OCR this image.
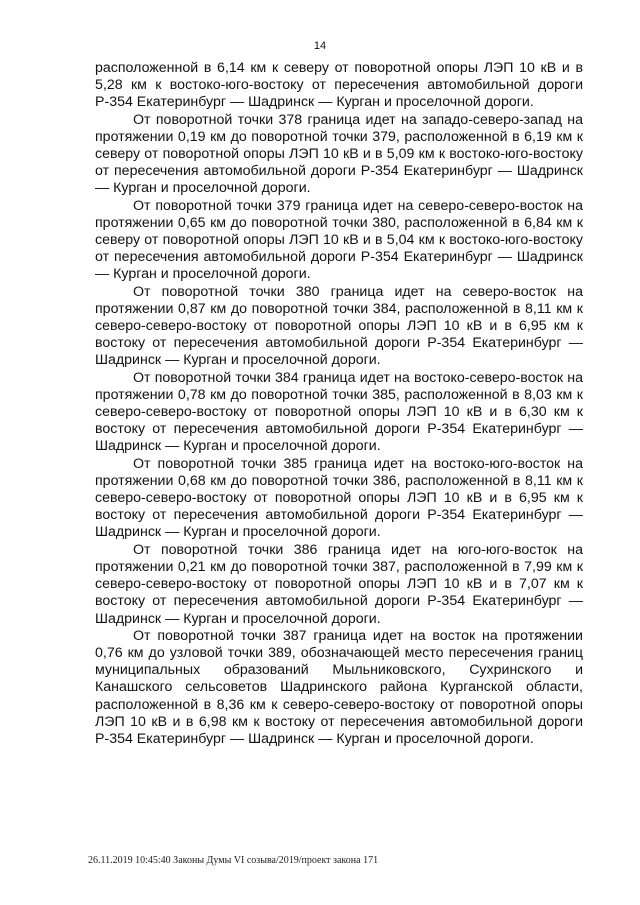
14

расположенной в 6,14 км к северу от поворотной опоры ЛЭП 10 кВ и в 5,28 км к востоко-юго-востоку от пересечения автомобильной дороги Р-354 Екатеринбург — Шадринск — Курган и проселочной дороги.

От поворотной точки 378 граница идет на западо-северо-запад на протяжении 0,19 км до поворотной точки 379, расположенной в 6,19 км к северу от поворотной опоры ЛЭП 10 кВ и в 5,09 км к востоко-юго-востоку от пересечения автомобильной дороги Р-354 Екатеринбург — Шадринск — Курган и проселочной дороги.

От поворотной точки 379 граница идет на северо-северо-восток на протяжении 0,65 км до поворотной точки 380, расположенной в 6,84 км к северу от поворотной опоры ЛЭП 10 кВ и в 5,04 км к востоко-юго-востоку от пересечения автомобильной дороги Р-354 Екатеринбург — Шадринск — Курган и проселочной дороги.

От поворотной точки 380 граница идет на северо-восток на протяжении 0,87 км до поворотной точки 384, расположенной в 8,11 км к северо-северо-востоку от поворотной опоры ЛЭП 10 кВ и в 6,95 км к востоку от пересечения автомобильной дороги Р-354 Екатеринбург — Шадринск — Курган и проселочной дороги.

От поворотной точки 384 граница идет на востоко-северо-восток на протяжении 0,78 км до поворотной точки 385, расположенной в 8,03 км к северо-северо-востоку от поворотной опоры ЛЭП 10 кВ и в 6,30 км к востоку от пересечения автомобильной дороги Р-354 Екатеринбург — Шадринск — Курган и проселочной дороги.

От поворотной точки 385 граница идет на востоко-юго-восток на протяжении 0,68 км до поворотной точки 386, расположенной в 8,11 км к северо-северо-востоку от поворотной опоры ЛЭП 10 кВ и в 6,95 км к востоку от пересечения автомобильной дороги Р-354 Екатеринбург — Шадринск — Курган и проселочной дороги.

От поворотной точки 386 граница идет на юго-юго-восток на протяжении 0,21 км до поворотной точки 387, расположенной в 7,99 км к северо-северо-востоку от поворотной опоры ЛЭП 10 кВ и в 7,07 км к востоку от пересечения автомобильной дороги Р-354 Екатеринбург — Шадринск — Курган и проселочной дороги.

От поворотной точки 387 граница идет на восток на протяжении 0,76 км до узловой точки 389, обозначающей место пересечения границ муниципальных образований Мыльниковского, Сухринского и Канашского сельсоветов Шадринского района Курганской области, расположенной в 8,36 км к северо-северо-востоку от поворотной опоры ЛЭП 10 кВ и в 6,98 км к востоку от пересечения автомобильной дороги Р-354 Екатеринбург — Шадринск — Курган и проселочной дороги.

26.11.2019 10:45:40 Законы Думы VI созыва/2019/проект закона 171
